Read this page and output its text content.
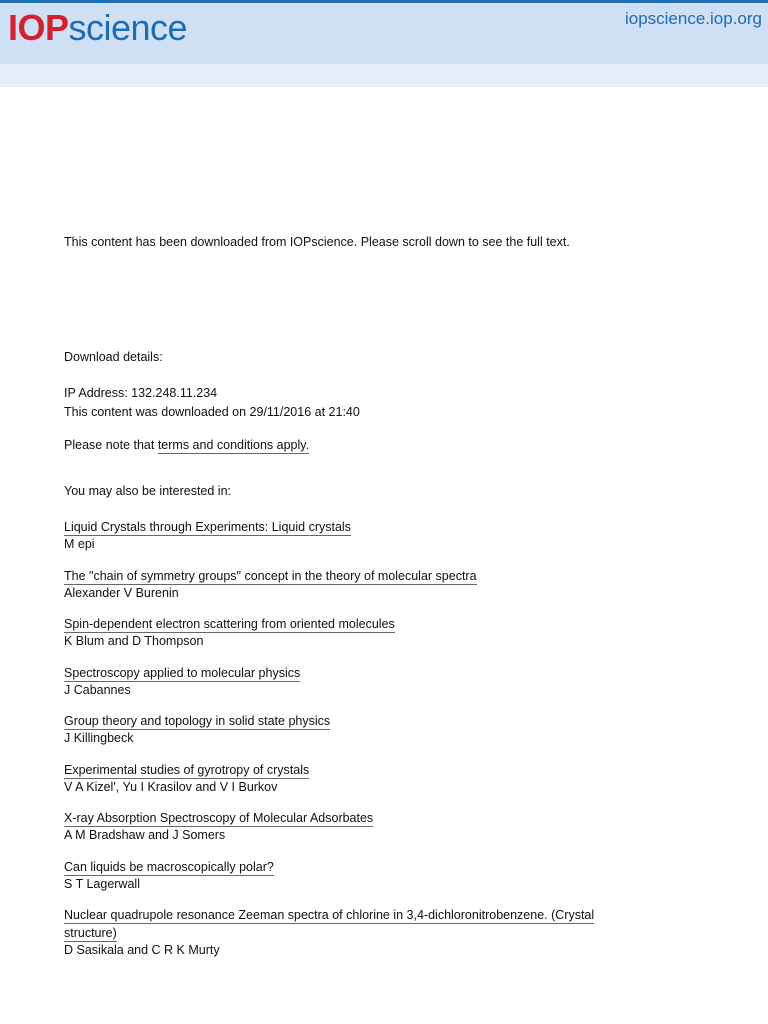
IOPscience	iopscience.iop.org
This content has been downloaded from IOPscience. Please scroll down to see the full text.
Download details:
IP Address: 132.248.11.234
This content was downloaded on 29/11/2016 at 21:40
Please note that terms and conditions apply.
You may also be interested in:
Liquid Crystals through Experiments: Liquid crystals
M epi
The "chain of symmetry groups" concept in the theory of molecular spectra
Alexander V Burenin
Spin-dependent electron scattering from oriented molecules
K Blum and D Thompson
Spectroscopy applied to molecular physics
J Cabannes
Group theory and topology in solid state physics
J Killingbeck
Experimental studies of gyrotropy of crystals
V A Kizel', Yu I Krasilov and V I Burkov
X-ray Absorption Spectroscopy of Molecular Adsorbates
A M Bradshaw and J Somers
Can liquids be macroscopically polar?
S T Lagerwall
Nuclear quadrupole resonance Zeeman spectra of chlorine in 3,4-dichloronitrobenzene. (Crystal structure)
D Sasikala and C R K Murty
